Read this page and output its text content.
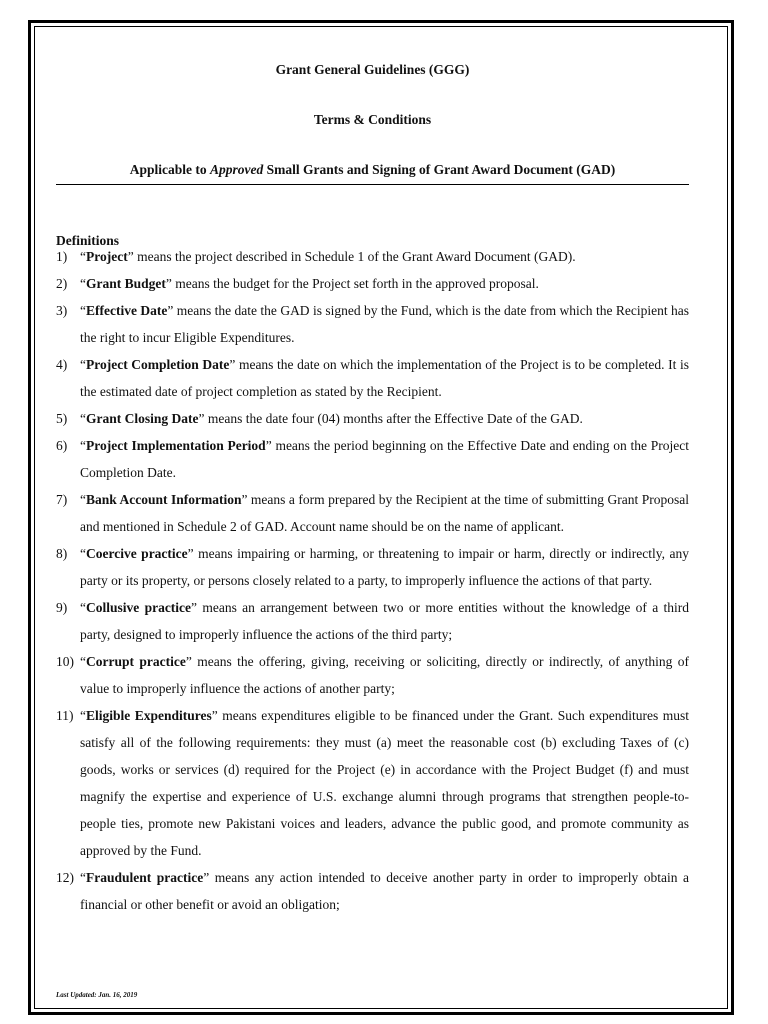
Grant General Guidelines (GGG)

Terms & Conditions

Applicable to Approved Small Grants and Signing of Grant Award Document (GAD)

Definitions

1) “Project” means the project described in Schedule 1 of the Grant Award Document (GAD).
2) “Grant Budget” means the budget for the Project set forth in the approved proposal.
3) “Effective Date” means the date the GAD is signed by the Fund, which is the date from which the Recipient has the right to incur Eligible Expenditures.
4) “Project Completion Date” means the date on which the implementation of the Project is to be completed. It is the estimated date of project completion as stated by the Recipient.
5) “Grant Closing Date” means the date four (04) months after the Effective Date of the GAD.
6) “Project Implementation Period” means the period beginning on the Effective Date and ending on the Project Completion Date.
7) “Bank Account Information” means a form prepared by the Recipient at the time of submitting Grant Proposal and mentioned in Schedule 2 of GAD. Account name should be on the name of applicant.
8) “Coercive practice” means impairing or harming, or threatening to impair or harm, directly or indirectly, any party or its property, or persons closely related to a party, to improperly influence the actions of that party.
9) “Collusive practice” means an arrangement between two or more entities without the knowledge of a third party, designed to improperly influence the actions of the third party;
10) “Corrupt practice” means the offering, giving, receiving or soliciting, directly or indirectly, of anything of value to improperly influence the actions of another party;
11) “Eligible Expenditures” means expenditures eligible to be financed under the Grant. Such expenditures must satisfy all of the following requirements: they must (a) meet the reasonable cost (b) excluding Taxes of (c) goods, works or services (d) required for the Project (e) in accordance with the Project Budget (f) and must magnify the expertise and experience of U.S. exchange alumni through programs that strengthen people-to-people ties, promote new Pakistani voices and leaders, advance the public good, and promote community as approved by the Fund.
12) “Fraudulent practice” means any action intended to deceive another party in order to improperly obtain a financial or other benefit or avoid an obligation;
Last Updated: Jan. 16, 2019
